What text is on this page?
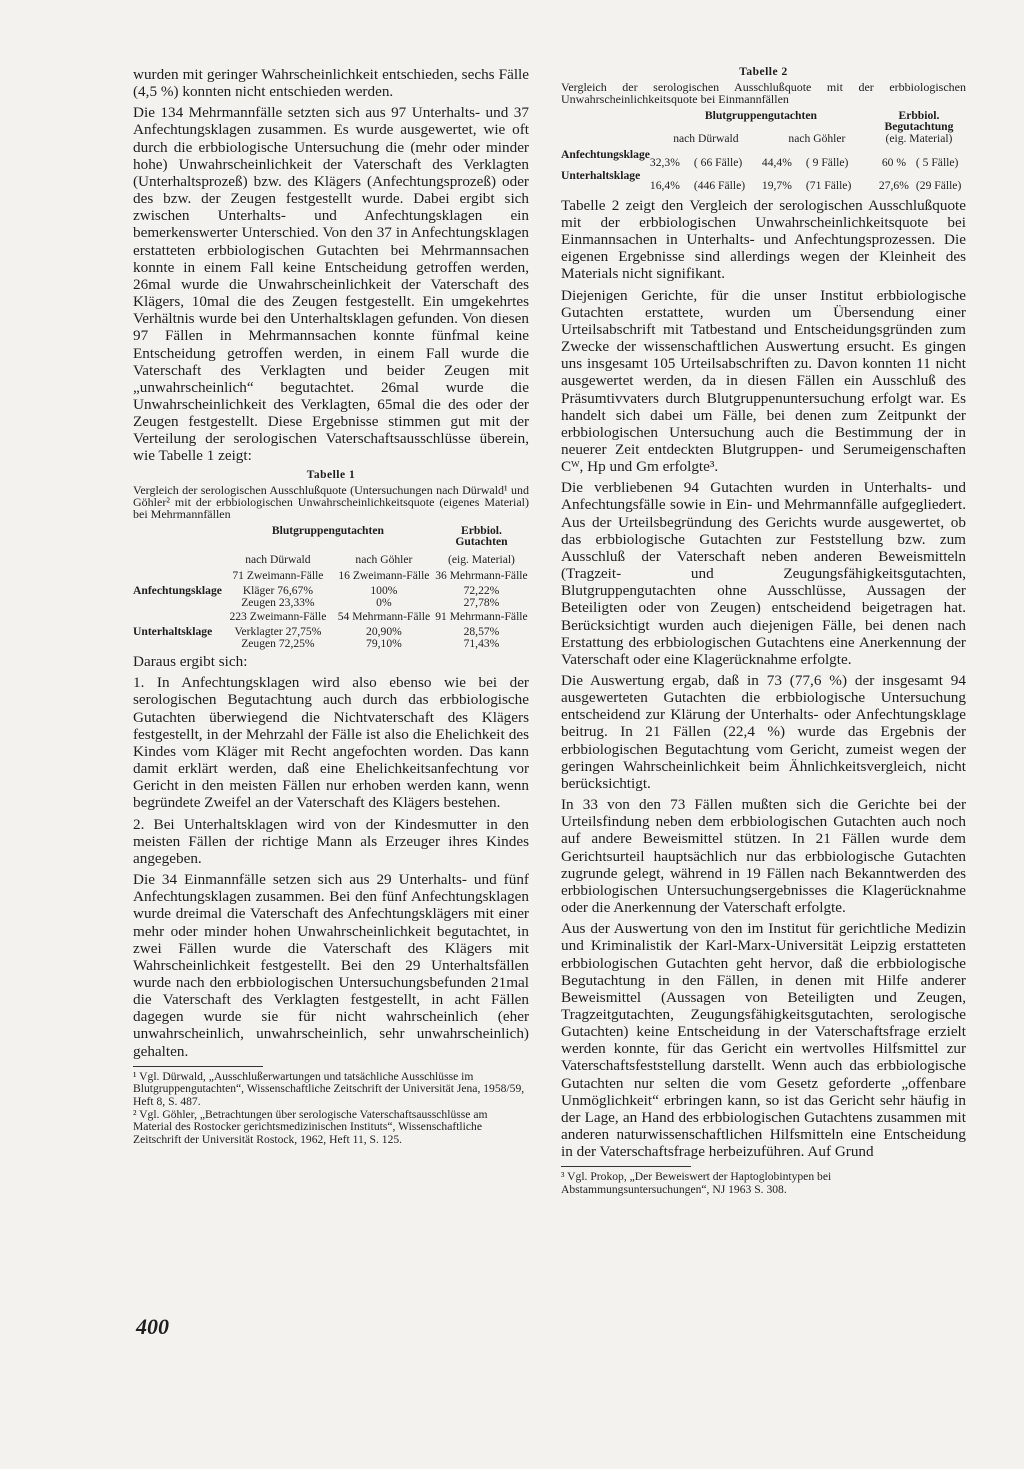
wurden mit geringer Wahrscheinlichkeit entschieden, sechs Fälle (4,5 %) konnten nicht entschieden werden.

Die 134 Mehrmannfälle setzten sich aus 97 Unterhalts- und 37 Anfechtungsklagen zusammen. Es wurde ausgewertet, wie oft durch die erbbiologische Untersuchung die (mehr oder minder hohe) Unwahrscheinlichkeit der Vaterschaft des Verklagten (Unterhaltsprozeß) bzw. des Klägers (Anfechtungsprozeß) oder des bzw. der Zeugen festgestellt wurde. Dabei ergibt sich zwischen Unterhalts- und Anfechtungsklagen ein bemerkenswerter Unterschied. Von den 37 in Anfechtungsklagen erstatteten erbbiologischen Gutachten bei Mehrmannsachen konnte in einem Fall keine Entscheidung getroffen werden, 26mal wurde die Unwahrscheinlichkeit der Vaterschaft des Klägers, 10mal die des Zeugen festgestellt. Ein umgekehrtes Verhältnis wurde bei den Unterhaltsklagen gefunden. Von diesen 97 Fällen in Mehrmannsachen konnte fünfmal keine Entscheidung getroffen werden, in einem Fall wurde die Vaterschaft des Verklagten und beider Zeugen mit „unwahrscheinlich“ begutachtet. 26mal wurde die Unwahrscheinlichkeit des Verklagten, 65mal die des oder der Zeugen festgestellt. Diese Ergebnisse stimmen gut mit der Verteilung der serologischen Vaterschaftsausschlüsse überein, wie Tabelle 1 zeigt:

Tabelle 1

Vergleich der serologischen Ausschlußquote (Untersuchungen nach Dürwald¹ und Göhler² mit der erbbiologischen Unwahrscheinlichkeitsquote (eigenes Material) bei Mehrmannfällen

	Blutgruppengutachten		Erbbiol. Gutachten
	nach Dürwald	nach Göhler	(eig. Material)
	71 Zweimann-Fälle	16 Zweimann-Fälle	36 Mehrmann-Fälle
Anfechtungsklage	Kläger 76,67%	100%	72,22%
	Zeugen 23,33%	0%	27,78%
	223 Zweimann-Fälle	54 Mehrmann-Fälle	91 Mehrmann-Fälle
Unterhaltsklage	Verklagter 27,75%	20,90%	28,57%
	Zeugen 72,25%	79,10%	71,43%

Daraus ergibt sich:

1. In Anfechtungsklagen wird also ebenso wie bei der serologischen Begutachtung auch durch das erbbiologische Gutachten überwiegend die Nichtvaterschaft des Klägers festgestellt, in der Mehrzahl der Fälle ist also die Ehelichkeit des Kindes vom Kläger mit Recht angefochten worden. Das kann damit erklärt werden, daß eine Ehelichkeitsanfechtung vor Gericht in den meisten Fällen nur erhoben werden kann, wenn begründete Zweifel an der Vaterschaft des Klägers bestehen.

2. Bei Unterhaltsklagen wird von der Kindesmutter in den meisten Fällen der richtige Mann als Erzeuger ihres Kindes angegeben.

Die 34 Einmannfälle setzen sich aus 29 Unterhalts- und fünf Anfechtungsklagen zusammen. Bei den fünf Anfechtungsklagen wurde dreimal die Vaterschaft des Anfechtungsklägers mit einer mehr oder minder hohen Unwahrscheinlichkeit begutachtet, in zwei Fällen wurde die Vaterschaft des Klägers mit Wahrscheinlichkeit festgestellt. Bei den 29 Unterhaltsfällen wurde nach den erbbiologischen Untersuchungsbefunden 21mal die Vaterschaft des Verklagten festgestellt, in acht Fällen dagegen wurde sie für nicht wahrscheinlich (eher unwahrscheinlich, unwahrscheinlich, sehr unwahrscheinlich) gehalten.

¹ Vgl. Dürwald, „Ausschlußerwartungen und tatsächliche Ausschlüsse im Blutgruppengutachten“, Wissenschaftliche Zeitschrift der Universität Jena, 1958/59, Heft 8, S. 487.

² Vgl. Göhler, „Betrachtungen über serologische Vaterschaftsausschlüsse am Material des Rostocker gerichtsmedizinischen Instituts“, Wissenschaftliche Zeitschrift der Universität Rostock, 1962, Heft 11, S. 125.

400
Tabelle 2

Vergleich der serologischen Ausschlußquote mit der erbbiologischen Unwahrscheinlichkeitsquote bei Einmannfällen

	Blutgruppengutachten				Erbbiol. Begutachtung	
	nach Dürwald		nach Göhler		(eig. Material)	
Anfechtungsklage	32,3%	( 66 Fälle)	44,4%	( 9 Fälle)	60 %	( 5 Fälle)
Unterhaltsklage	16,4%	(446 Fälle)	19,7%	(71 Fälle)	27,6%	(29 Fälle)

Tabelle 2 zeigt den Vergleich der serologischen Ausschlußquote mit der erbbiologischen Unwahrscheinlichkeitsquote bei Einmannsachen in Unterhalts- und Anfechtungsprozessen. Die eigenen Ergebnisse sind allerdings wegen der Kleinheit des Materials nicht signifikant.

Diejenigen Gerichte, für die unser Institut erbbiologische Gutachten erstattete, wurden um Übersendung einer Urteilsabschrift mit Tatbestand und Entscheidungsgründen zum Zwecke der wissenschaftlichen Auswertung ersucht. Es gingen uns insgesamt 105 Urteilsabschriften zu. Davon konnten 11 nicht ausgewertet werden, da in diesen Fällen ein Ausschluß des Präsumtivvaters durch Blutgruppenuntersuchung erfolgt war. Es handelt sich dabei um Fälle, bei denen zum Zeitpunkt der erbbiologischen Untersuchung auch die Bestimmung der in neuerer Zeit entdeckten Blutgruppen- und Serumeigenschaften Cᵂ, Hp und Gm erfolgte³.

Die verbliebenen 94 Gutachten wurden in Unterhalts- und Anfechtungsfälle sowie in Ein- und Mehrmannfälle aufgegliedert. Aus der Urteilsbegründung des Gerichts wurde ausgewertet, ob das erbbiologische Gutachten zur Feststellung bzw. zum Ausschluß der Vaterschaft neben anderen Beweismitteln (Tragzeit- und Zeugungsfähigkeitsgutachten, Blutgruppengutachten ohne Ausschlüsse, Aussagen der Beteiligten oder von Zeugen) entscheidend beigetragen hat. Berücksichtigt wurden auch diejenigen Fälle, bei denen nach Erstattung des erbbiologischen Gutachtens eine Anerkennung der Vaterschaft oder eine Klagerücknahme erfolgte.

Die Auswertung ergab, daß in 73 (77,6 %) der insgesamt 94 ausgewerteten Gutachten die erbbiologische Untersuchung entscheidend zur Klärung der Unterhalts- oder Anfechtungsklage beitrug. In 21 Fällen (22,4 %) wurde das Ergebnis der erbbiologischen Begutachtung vom Gericht, zumeist wegen der geringen Wahrscheinlichkeit beim Ähnlichkeitsvergleich, nicht berücksichtigt.

In 33 von den 73 Fällen mußten sich die Gerichte bei der Urteilsfindung neben dem erbbiologischen Gutachten auch noch auf andere Beweismittel stützen. In 21 Fällen wurde dem Gerichtsurteil hauptsächlich nur das erbbiologische Gutachten zugrunde gelegt, während in 19 Fällen nach Bekanntwerden des erbbiologischen Untersuchungsergebnisses die Klagerücknahme oder die Anerkennung der Vaterschaft erfolgte.

Aus der Auswertung von den im Institut für gerichtliche Medizin und Kriminalistik der Karl-Marx-Universität Leipzig erstatteten erbbiologischen Gutachten geht hervor, daß die erbbiologische Begutachtung in den Fällen, in denen mit Hilfe anderer Beweismittel (Aussagen von Beteiligten und Zeugen, Tragzeitgutachten, Zeugungsfähigkeitsgutachten, serologische Gutachten) keine Entscheidung in der Vaterschaftsfrage erzielt werden konnte, für das Gericht ein wertvolles Hilfsmittel zur Vaterschaftsfeststellung darstellt. Wenn auch das erbbiologische Gutachten nur selten die vom Gesetz geforderte „offenbare Unmöglichkeit“ erbringen kann, so ist das Gericht sehr häufig in der Lage, an Hand des erbbiologischen Gutachtens zusammen mit anderen naturwissenschaftlichen Hilfsmitteln eine Entscheidung in der Vaterschaftsfrage herbeizuführen. Auf Grund

³ Vgl. Prokop, „Der Beweiswert der Haptoglobintypen bei Abstammungsuntersuchungen“, NJ 1963 S. 308.
